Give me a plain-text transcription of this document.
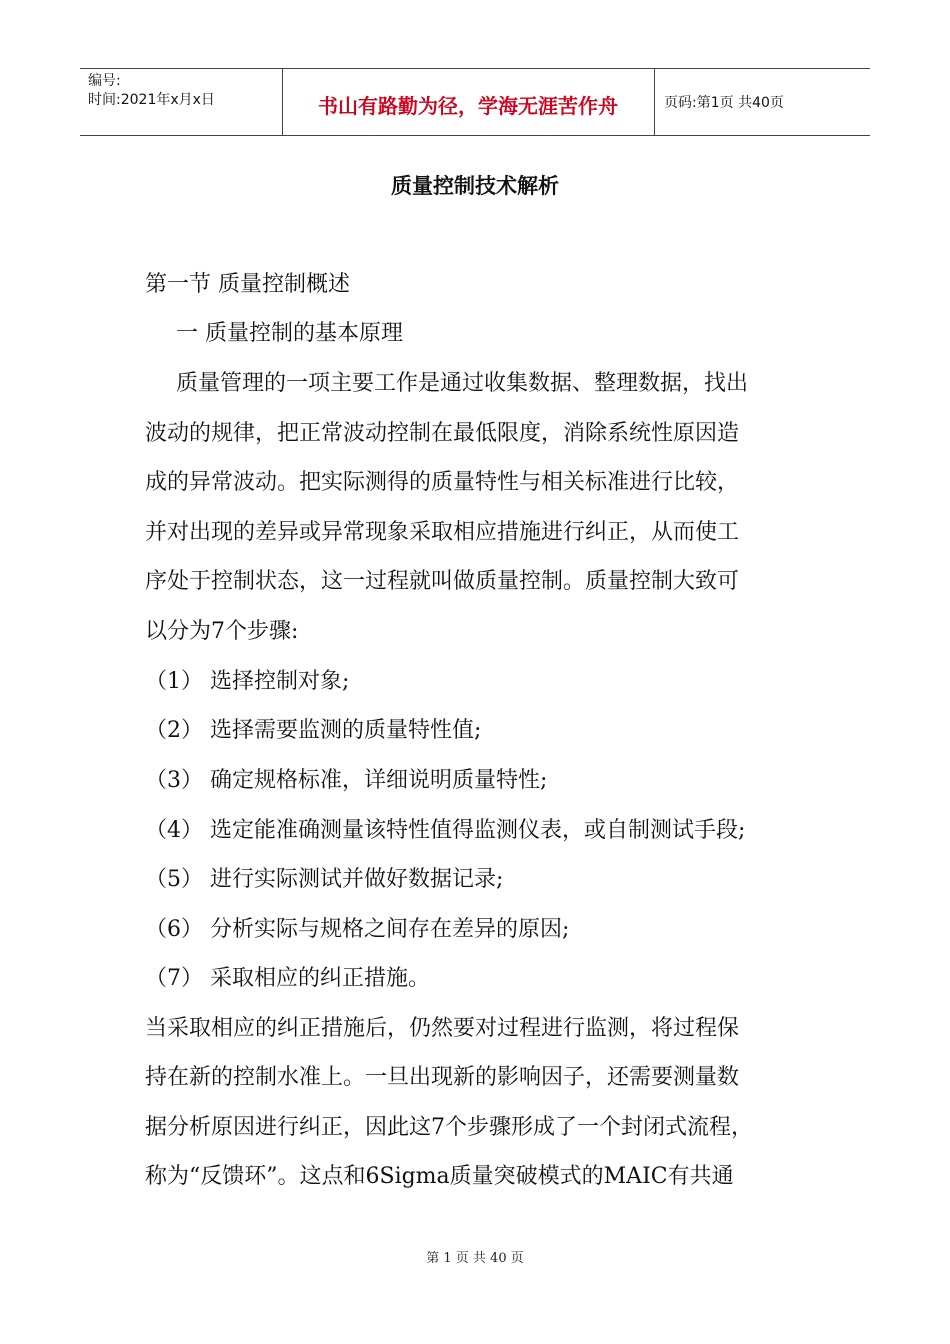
编号:
时间:2021年x月x日	书山有路勤为径，学海无涯苦作舟	页码:第1页 共40页
质量控制技术解析
第一节 质量控制概述
一 质量控制的基本原理
质量管理的一项主要工作是通过收集数据、整理数据，找出
波动的规律，把正常波动控制在最低限度，消除系统性原因造
成的异常波动。把实际测得的质量特性与相关标准进行比较，
并对出现的差异或异常现象采取相应措施进行纠正，从而使工
序处于控制状态，这一过程就叫做质量控制。质量控制大致可
以分为7个步骤:
（1） 选择控制对象;
（2） 选择需要监测的质量特性值;
（3） 确定规格标准，详细说明质量特性;
（4） 选定能准确测量该特性值得监测仪表，或自制测试手段;
（5） 进行实际测试并做好数据记录;
（6） 分析实际与规格之间存在差异的原因;
（7） 采取相应的纠正措施。
当采取相应的纠正措施后，仍然要对过程进行监测，将过程保
持在新的控制水准上。一旦出现新的影响因子，还需要测量数
据分析原因进行纠正，因此这7个步骤形成了一个封闭式流程，
称为“反馈环”。这点和6Sigma质量突破模式的MAIC有共通
第 1 页 共 40 页
